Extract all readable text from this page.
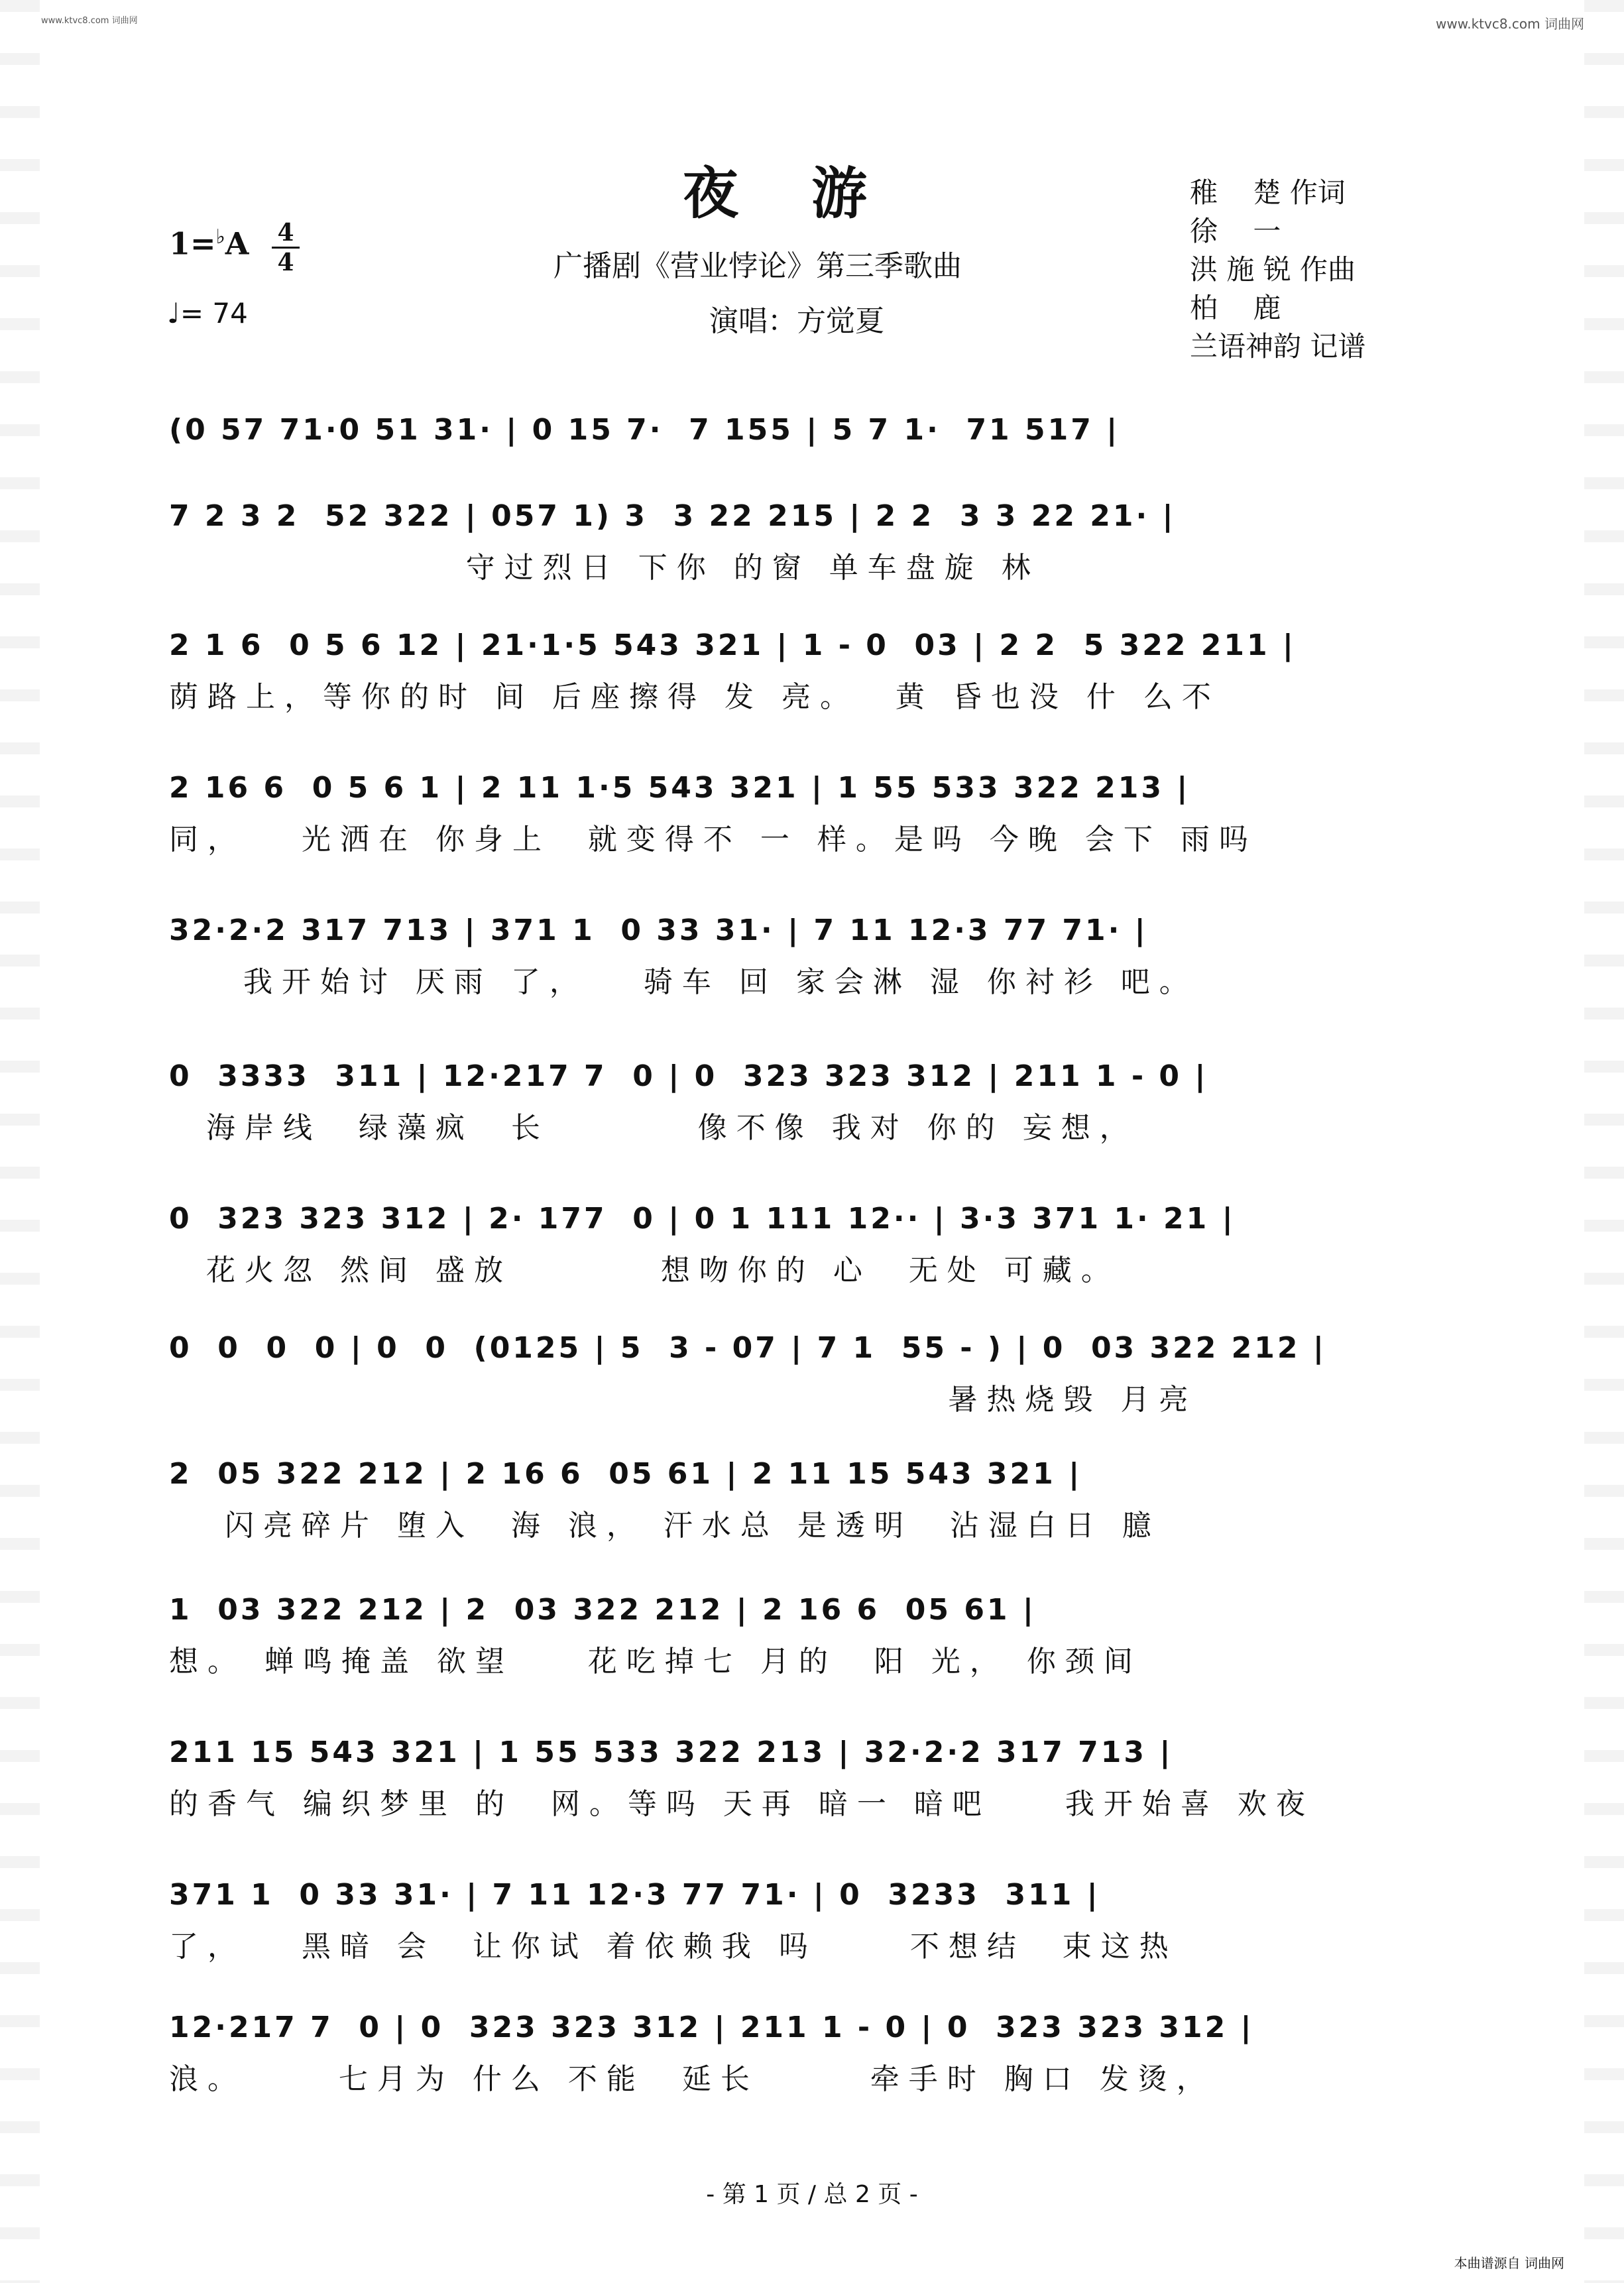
www.ktvc8.com 词曲网	www.ktvc8.com 词曲网
夜游
广播剧《营业悖论》第三季歌曲
演唱：方觉夏
1=♭A 4
4
♩= 74
稚    楚 作词
徐    一
洪 施 锐 作曲
柏    鹿
兰语神韵 记谱
(0 57 71·0 51 31· | 0 15 7·  7 155 | 5 7 1·  71 517 |
7 2 3 2  52 322 | 057 1) 3  3 22 215 | 2 2  3 3 22 21· |
守过烈日 下你 的窗 单车盘旋 林
2 1 6  0 5 6 12 | 21·1·5 543 321 | 1 - 0  03 | 2 2  5 322 211 |
荫路上，等你的时 间 后座擦得 发 亮。  黄 昏也没 什 么不
2 16 6  0 5 6 1 | 2 11 1·5 543 321 | 1 55 533 322 213 |
同，   光洒在 你身上  就变得不 一 样。是吗 今晚 会下 雨吗
32·2·2 317 713 | 371 1  0 33 31· | 7 11 12·3 77 71· |
我开始讨 厌雨 了，   骑车 回 家会淋 湿 你衬衫 吧。
0  3333  311 | 12·217 7  0 | 0  323 323 312 | 211 1 - 0 |
海岸线  绿藻疯  长        像不像 我对 你的 妄想，
0  323 323 312 | 2· 177  0 | 0 1 111 12·· | 3·3 371 1· 21 |
花火忽 然间 盛放        想吻你的 心  无处 可藏。
0  0  0  0 | 0  0  (0125 | 5  3 - 07 | 7 1  55 - ) | 0  03 322 212 |
暑热烧毁 月亮
2  05 322 212 | 2 16 6  05 61 | 2 11 15 543 321 |
闪亮碎片 堕入  海 浪， 汗水总 是透明  沾湿白日 臆
1  03 322 212 | 2  03 322 212 | 2 16 6  05 61 |
想。 蝉鸣掩盖 欲望    花吃掉七 月的  阳 光， 你颈间
211 15 543 321 | 1 55 533 322 213 | 32·2·2 317 713 |
的香气 编织梦里 的  网。等吗 天再 暗一 暗吧    我开始喜 欢夜
371 1  0 33 31· | 7 11 12·3 77 71· | 0  3233  311 |
了，   黑暗 会  让你试 着依赖我 吗     不想结  束这热
12·217 7  0 | 0  323 323 312 | 211 1 - 0 | 0  323 323 312 |
浪。     七月为 什么 不能  延长      牵手时 胸口 发烫，
- 第 1 页 / 总 2 页 -
本曲谱源自 词曲网
